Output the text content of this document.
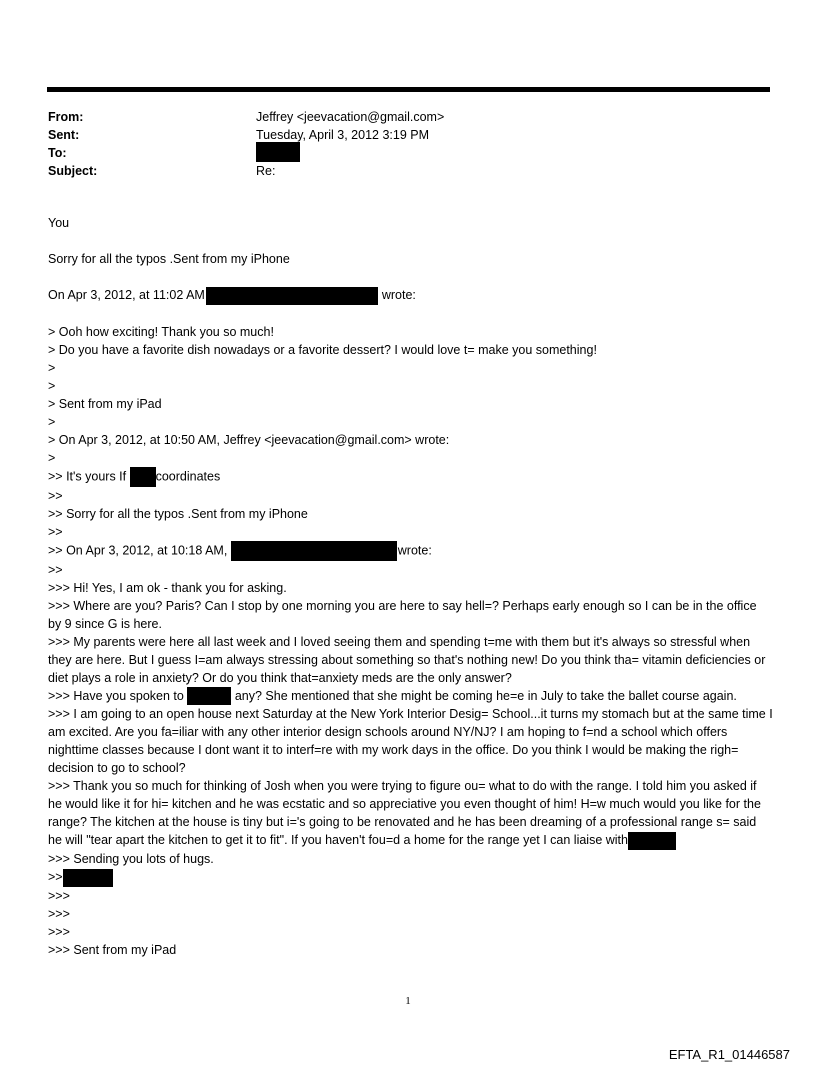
From:	Jeffrey <jeevacation@gmail.com>
Sent:	Tuesday, April 3, 2012 3:19 PM
To:
Subject:	Re:
You
Sorry for all the typos .Sent from my iPhone
On Apr 3, 2012, at 11:02 AM	wrote:
> Ooh how exciting! Thank you so much!
> Do you have a favorite dish nowadays or a favorite dessert? I would love t= make you something!
>
>
> Sent from my iPad
>
> On Apr 3, 2012, at 10:50 AM, Jeffrey <jeevacation@gmail.com> wrote:
>
>> It's yours If coordinates
>>
>> Sorry for all the typos .Sent from my iPhone
>>
>> On Apr 3, 2012, at 10:18 AM,	wrote:
>>
>>> Hi! Yes, I am ok - thank you for asking.
>>> Where are you? Paris? Can I stop by one morning you are here to say hell=? Perhaps early enough so I can be in the office by 9 since G is here.
>>> My parents were here all last week and I loved seeing them and spending t=me with them but it's always so stressful when they are here. But I guess I=am always stressing about something so that's nothing new! Do you think tha= vitamin deficiencies or diet plays a role in anxiety? Or do you think that=anxiety meds are the only answer?
>>> Have you spoken to	any? She mentioned that she might be coming he=e in July to take the ballet course again.
>>> I am going to an open house next Saturday at the New York Interior Desig= School...it turns my stomach but at the same time I am excited. Are you fa=iliar with any other interior design schools around NY/NJ? I am hoping to f=nd a school which offers nighttime classes because I dont want it to interf=re with my work days in the office. Do you think I would be making the righ= decision to go to school?
>>> Thank you so much for thinking of Josh when you were trying to figure ou= what to do with the range. I told him you asked if he would like it for hi= kitchen and he was ecstatic and so appreciative you even thought of him! H=w much would you like for the range? The kitchen at the house is tiny but i='s going to be renovated and he has been dreaming of a professional range s= said he will "tear apart the kitchen to get it to fit". If you haven't fou=d a home for the range yet I can liaise with
>>> Sending you lots of hugs.
>>
>>>
>>>
>>>
>>> Sent from my iPad
1
EFTA_R1_01446587
